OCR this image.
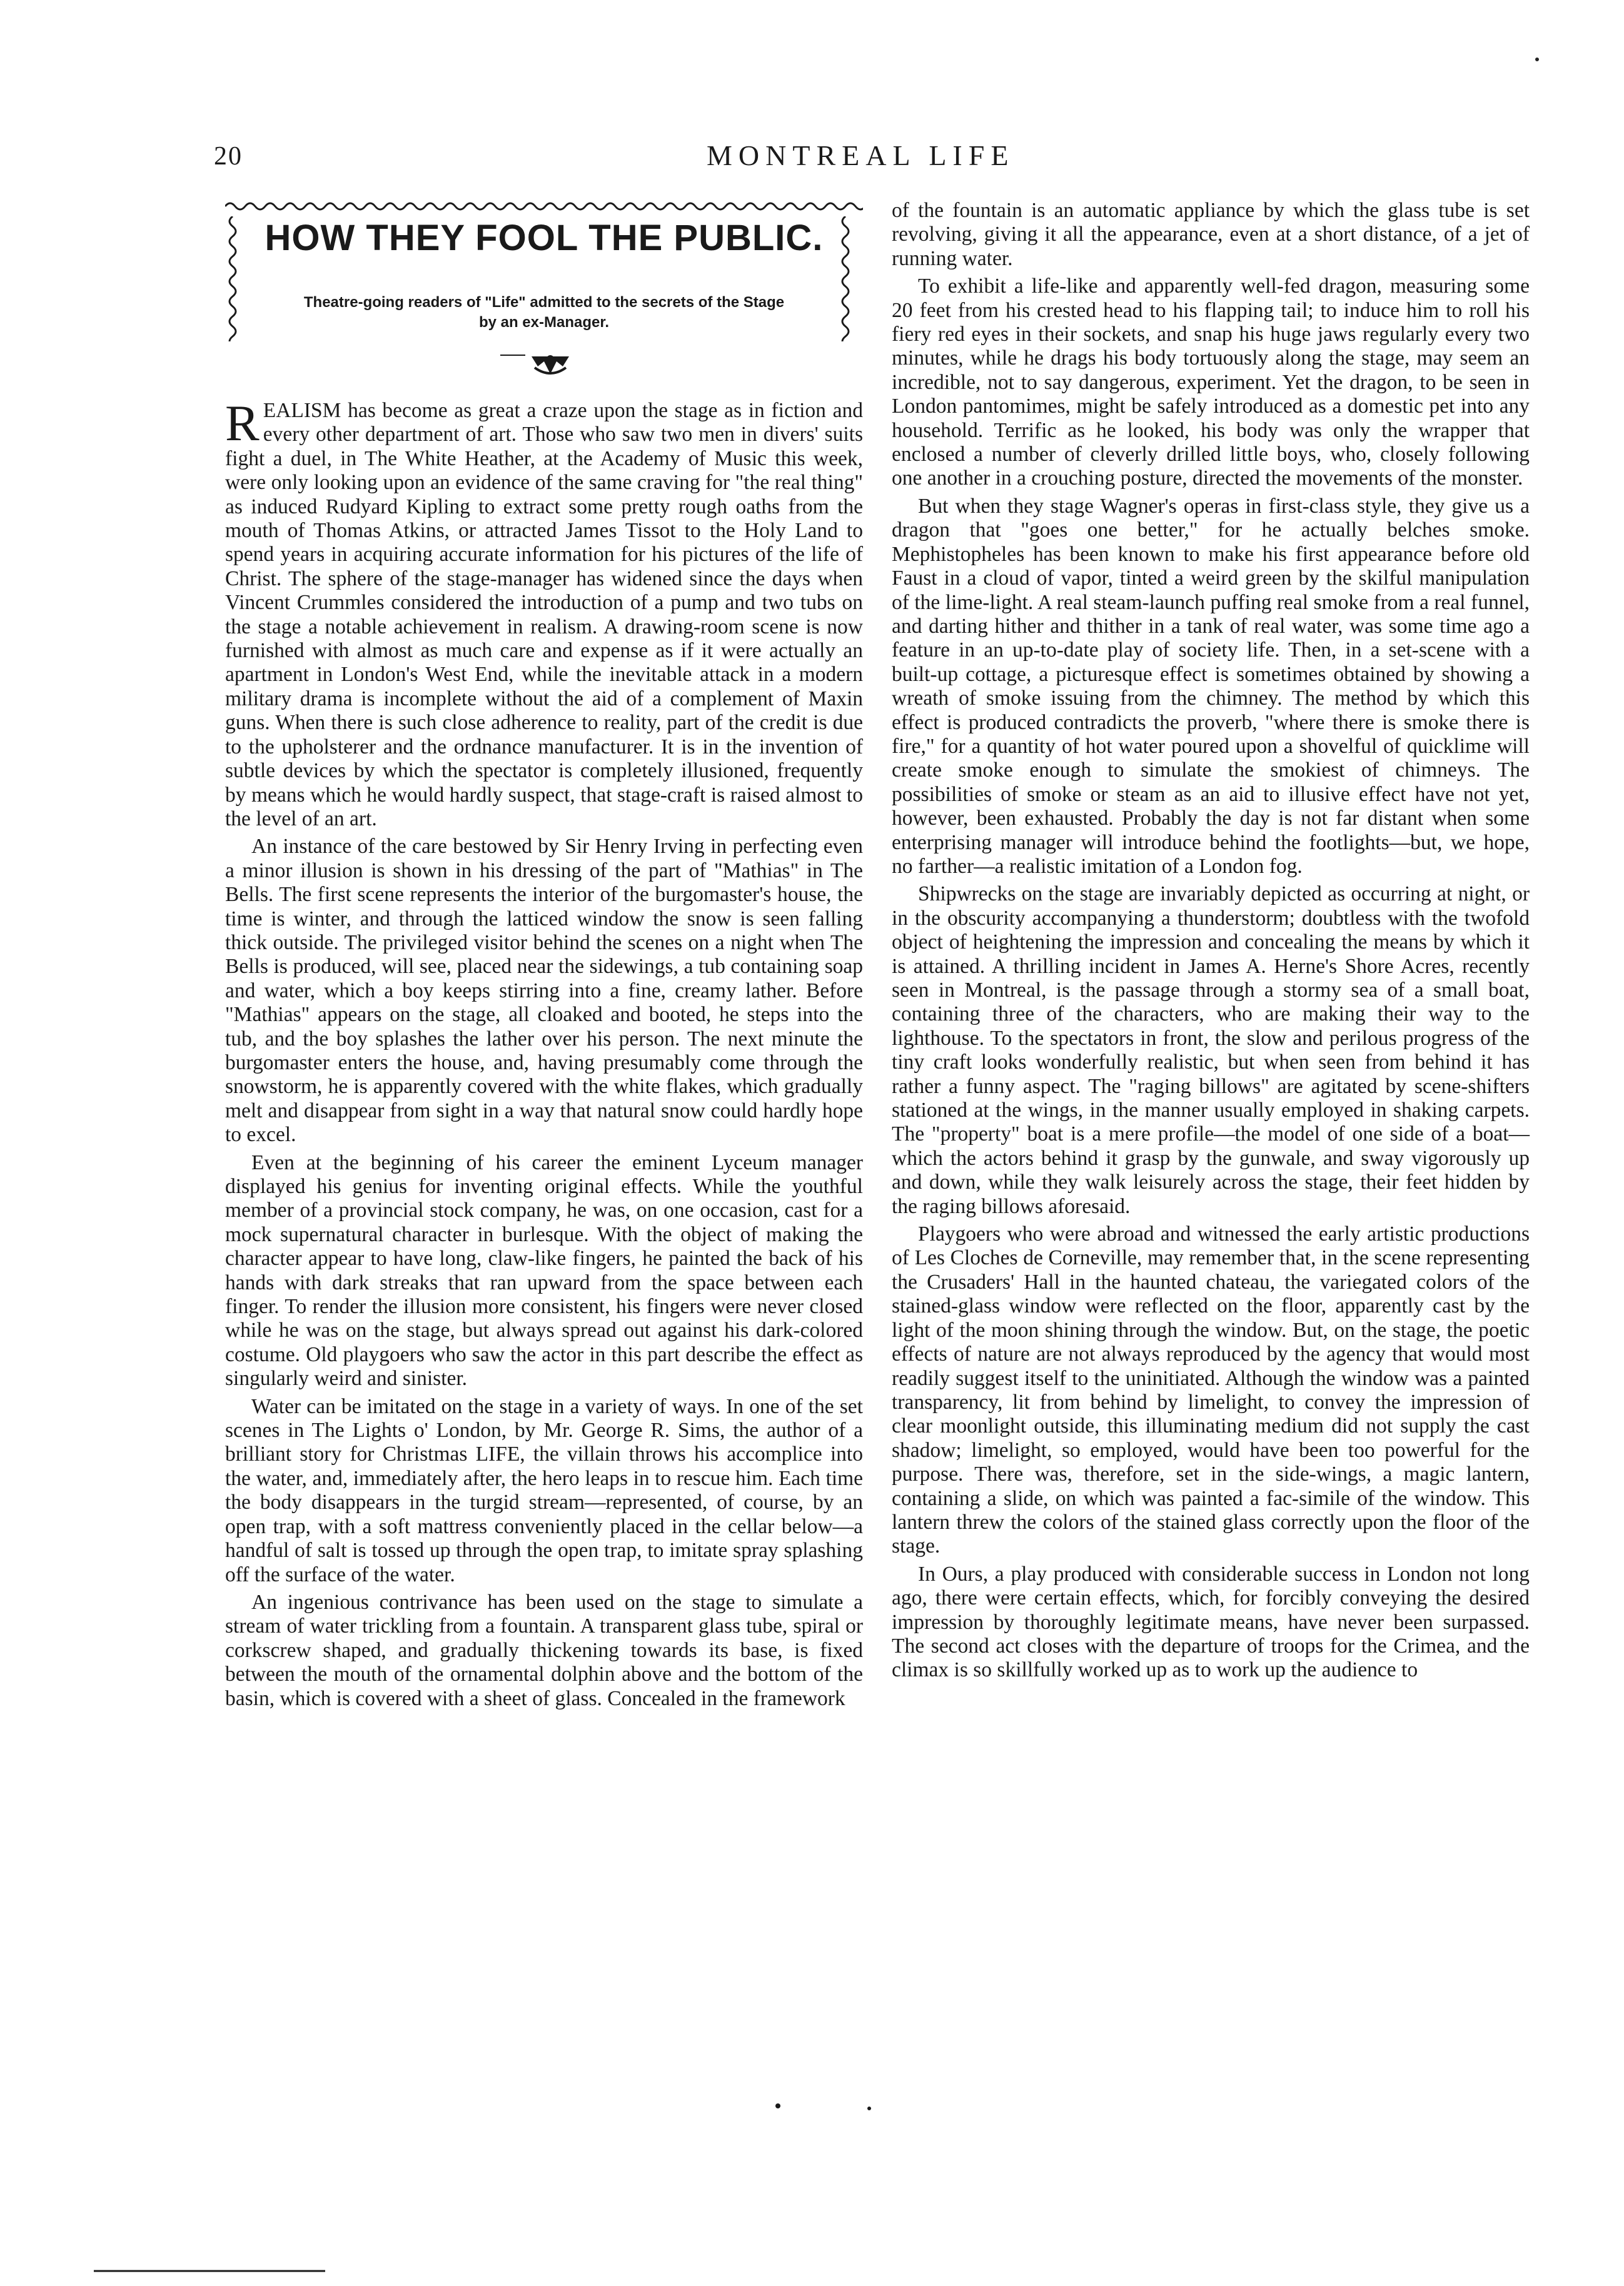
20	MONTREAL LIFE
HOW THEY FOOL THE PUBLIC.
Theatre-going readers of "Life" admitted to the secrets of the Stage by an ex-Manager.

REALISM has become as great a craze upon the stage as in fiction and every other department of art. Those who saw two men in divers' suits fight a duel, in The White Heather, at the Academy of Music this week, were only looking upon an evidence of the same craving for "the real thing" as induced Rudyard Kipling to extract some pretty rough oaths from the mouth of Thomas Atkins, or attracted James Tissot to the Holy Land to spend years in acquiring accurate information for his pictures of the life of Christ. The sphere of the stage-manager has widened since the days when Vincent Crummles considered the introduction of a pump and two tubs on the stage a notable achievement in realism. A drawing-room scene is now furnished with almost as much care and expense as if it were actually an apartment in London's West End, while the inevitable attack in a modern military drama is incomplete without the aid of a complement of Maxin guns. When there is such close adherence to reality, part of the credit is due to the upholsterer and the ordnance manufacturer. It is in the invention of subtle devices by which the spectator is completely illusioned, frequently by means which he would hardly suspect, that stage-craft is raised almost to the level of an art.

An instance of the care bestowed by Sir Henry Irving in perfecting even a minor illusion is shown in his dressing of the part of "Mathias" in The Bells. The first scene represents the interior of the burgomaster's house, the time is winter, and through the latticed window the snow is seen falling thick outside. The privileged visitor behind the scenes on a night when The Bells is produced, will see, placed near the sidewings, a tub containing soap and water, which a boy keeps stirring into a fine, creamy lather. Before "Mathias" appears on the stage, all cloaked and booted, he steps into the tub, and the boy splashes the lather over his person. The next minute the burgomaster enters the house, and, having presumably come through the snowstorm, he is apparently covered with the white flakes, which gradually melt and disappear from sight in a way that natural snow could hardly hope to excel.

Even at the beginning of his career the eminent Lyceum manager displayed his genius for inventing original effects. While the youthful member of a provincial stock company, he was, on one occasion, cast for a mock supernatural character in burlesque. With the object of making the character appear to have long, claw-like fingers, he painted the back of his hands with dark streaks that ran upward from the space between each finger. To render the illusion more consistent, his fingers were never closed while he was on the stage, but always spread out against his dark-colored costume. Old playgoers who saw the actor in this part describe the effect as singularly weird and sinister.

Water can be imitated on the stage in a variety of ways. In one of the set scenes in The Lights o' London, by Mr. George R. Sims, the author of a brilliant story for Christmas LIFE, the villain throws his accomplice into the water, and, immediately after, the hero leaps in to rescue him. Each time the body disappears in the turgid stream—represented, of course, by an open trap, with a soft mattress conveniently placed in the cellar below—a handful of salt is tossed up through the open trap, to imitate spray splashing off the surface of the water.

An ingenious contrivance has been used on the stage to simulate a stream of water trickling from a fountain. A transparent glass tube, spiral or corkscrew shaped, and gradually thickening towards its base, is fixed between the mouth of the ornamental dolphin above and the bottom of the basin, which is covered with a sheet of glass. Concealed in the framework

of the fountain is an automatic appliance by which the glass tube is set revolving, giving it all the appearance, even at a short distance, of a jet of running water.

To exhibit a life-like and apparently well-fed dragon, measuring some 20 feet from his crested head to his flapping tail; to induce him to roll his fiery red eyes in their sockets, and snap his huge jaws regularly every two minutes, while he drags his body tortuously along the stage, may seem an incredible, not to say dangerous, experiment. Yet the dragon, to be seen in London pantomimes, might be safely introduced as a domestic pet into any household. Terrific as he looked, his body was only the wrapper that enclosed a number of cleverly drilled little boys, who, closely following one another in a crouching posture, directed the movements of the monster.

But when they stage Wagner's operas in first-class style, they give us a dragon that "goes one better," for he actually belches smoke. Mephistopheles has been known to make his first appearance before old Faust in a cloud of vapor, tinted a weird green by the skilful manipulation of the lime-light. A real steam-launch puffing real smoke from a real funnel, and darting hither and thither in a tank of real water, was some time ago a feature in an up-to-date play of society life. Then, in a set-scene with a built-up cottage, a picturesque effect is sometimes obtained by showing a wreath of smoke issuing from the chimney. The method by which this effect is produced contradicts the proverb, "where there is smoke there is fire," for a quantity of hot water poured upon a shovelful of quicklime will create smoke enough to simulate the smokiest of chimneys. The possibilities of smoke or steam as an aid to illusive effect have not yet, however, been exhausted. Probably the day is not far distant when some enterprising manager will introduce behind the footlights—but, we hope, no farther—a realistic imitation of a London fog.

Shipwrecks on the stage are invariably depicted as occurring at night, or in the obscurity accompanying a thunderstorm; doubtless with the twofold object of heightening the impression and concealing the means by which it is attained. A thrilling incident in James A. Herne's Shore Acres, recently seen in Montreal, is the passage through a stormy sea of a small boat, containing three of the characters, who are making their way to the lighthouse. To the spectators in front, the slow and perilous progress of the tiny craft looks wonderfully realistic, but when seen from behind it has rather a funny aspect. The "raging billows" are agitated by scene-shifters stationed at the wings, in the manner usually employed in shaking carpets. The "property" boat is a mere profile—the model of one side of a boat—which the actors behind it grasp by the gunwale, and sway vigorously up and down, while they walk leisurely across the stage, their feet hidden by the raging billows aforesaid.

Playgoers who were abroad and witnessed the early artistic productions of Les Cloches de Corneville, may remember that, in the scene representing the Crusaders' Hall in the haunted chateau, the variegated colors of the stained-glass window were reflected on the floor, apparently cast by the light of the moon shining through the window. But, on the stage, the poetic effects of nature are not always reproduced by the agency that would most readily suggest itself to the uninitiated. Although the window was a painted transparency, lit from behind by limelight, to convey the impression of clear moonlight outside, this illuminating medium did not supply the cast shadow; limelight, so employed, would have been too powerful for the purpose. There was, therefore, set in the side-wings, a magic lantern, containing a slide, on which was painted a fac-simile of the window. This lantern threw the colors of the stained glass correctly upon the floor of the stage.

In Ours, a play produced with considerable success in London not long ago, there were certain effects, which, for forcibly conveying the desired impression by thoroughly legitimate means, have never been surpassed. The second act closes with the departure of troops for the Crimea, and the climax is so skillfully worked up as to work up the audience to
